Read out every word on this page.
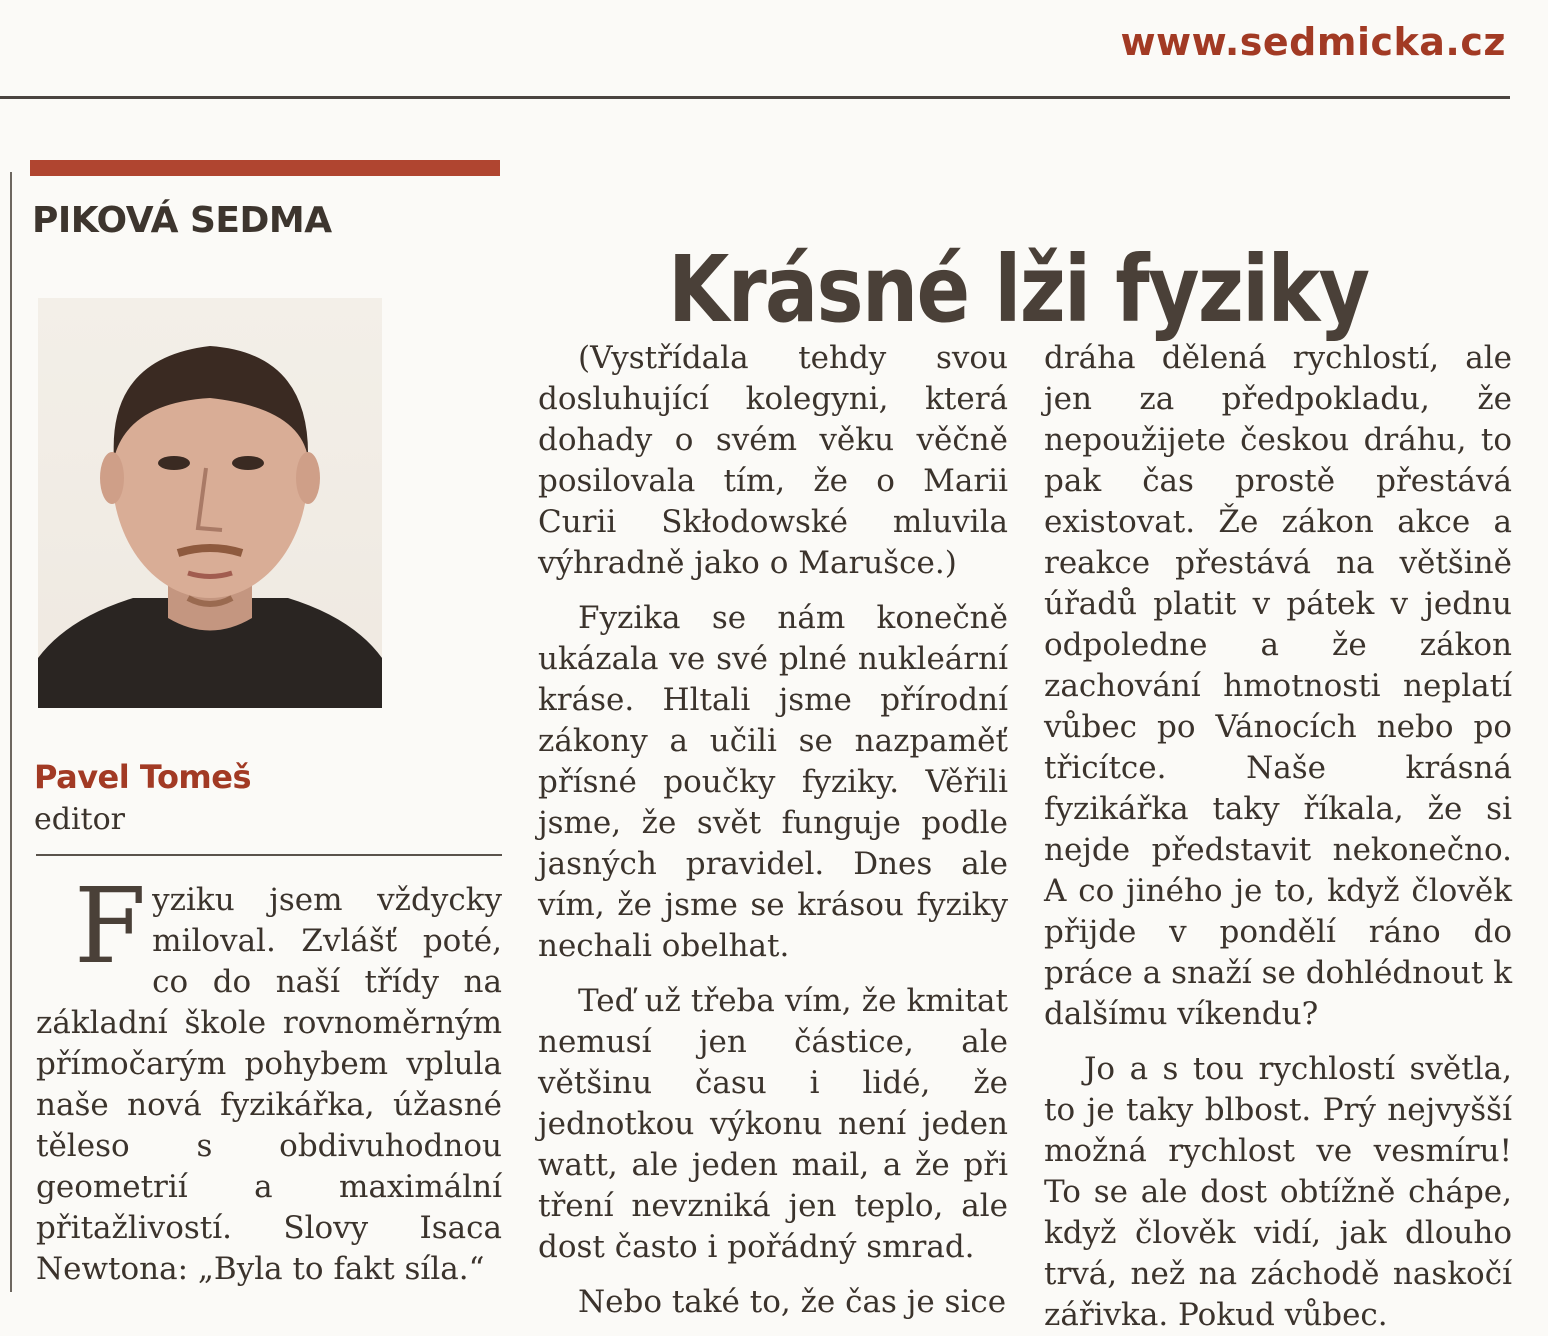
www.sedmicka.cz
PIKOVÁ SEDMA
Krásné lži fyziky
Pavel Tomeš
editor

Fyziku jsem vždycky miloval. Zvlášť poté, co do naší třídy na základní škole rovnoměrným přímočarým pohybem vplula naše nová fyzikářka, úžasné těleso s obdivuhodnou geometrií a maximální přitažlivostí. Slovy Isaca Newtona: „Byla to fakt síla.“

(Vystřídala tehdy svou dosluhující kolegyni, která dohady o svém věku věčně posilovala tím, že o Marii Curii Skłodowské mluvila výhradně jako o Marušce.)

Fyzika se nám konečně ukázala ve své plné nukleární kráse. Hltali jsme přírodní zákony a učili se nazpaměť přísné poučky fyziky. Věřili jsme, že svět funguje podle jasných pravidel. Dnes ale vím, že jsme se krásou fyziky nechali obelhat.

Teď už třeba vím, že kmitat nemusí jen částice, ale většinu času i lidé, že jednotkou výkonu není jeden watt, ale jeden mail, a že při tření nevzniká jen teplo, ale dost často i pořádný smrad.

Nebo také to, že čas je sice

dráha dělená rychlostí, ale jen za předpokladu, že nepoužijete českou dráhu, to pak čas prostě přestává existovat. Že zákon akce a reakce přestává na většině úřadů platit v pátek v jednu odpoledne a že zákon zachování hmotnosti neplatí vůbec po Vánocích nebo po třicítce. Naše krásná fyzikářka taky říkala, že si nejde představit nekonečno. A co jiného je to, když člověk přijde v pondělí ráno do práce a snaží se dohlédnout k dalšímu víkendu?

Jo a s tou rychlostí světla, to je taky blbost. Prý nejvyšší možná rychlost ve vesmíru! To se ale dost obtížně chápe, když člověk vidí, jak dlouho trvá, než na záchodě naskočí zářivka. Pokud vůbec.
